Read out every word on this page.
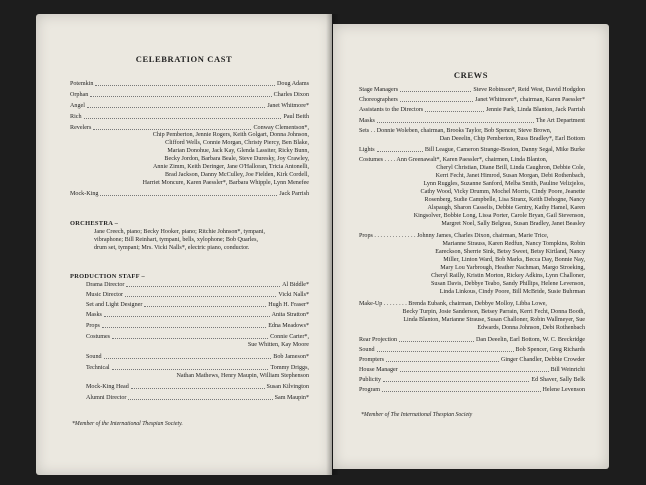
CELEBRATION CAST
Potemkin	Doug Adams
Orphan	Charles Dixon
Angel	Janet Whitmore*
Rich	Paul Beith
Revelers	Conway Clementson*,
Chip Pemberton, Jennie Rogers, Keith Golgart, Donna Johnson,
Clifford Wells, Connie Morgan, Christy Piercy, Ben Blake,
Marian Donohue, Jack Kay, Glenda Lassiter, Ricky Bunn,
Becky Jordon, Barbara Beale, Steve Duresky, Joy Crawley,
Annie Zimm, Keith Deringer, Jane O'Halloran, Tricia Antonelli,
Brad Jackson, Danny McCulley, Joe Fielden, Kirk Cordell,
Harriet Moncure, Karen Paessler*, Barbara Whipple, Lynn Menefee
Mock-King	Jack Parrish
ORCHESTRA –
Jane Creech, piano; Becky Hooker, piano; Ritchie Johnson*, tympani,
vibraphone; Bill Reinhart, tympani, bells, xylophone; Bob Quarles,
drum set, tympani; Mrs. Vicki Nalls*, electric piano, conductor.
PRODUCTION STAFF –
Drama Director	Al Biddle*
Music Director	Vicki Nalls*
Set and Light Designer	Hugh H. Fraser*
Masks	Anita Stratton*
Props	Edna Meadows*
Costumes	Connie Carter*,
Sue Whitten, Kay Moore
Sound	Bob Jameson*
Technical	Tommy Driggs,
Nathan Mathews, Henry Maupin, William Stephenson
Mock-King Head	Susan Kilvington
Alumni Director	Sam Maupin*
*Member of the International Thespian Society.
CREWS
Stage Managers	Steve Robinson*, Reid West, David Hodgdon
Choreographers	Janet Whitmore*, chairman, Karen Paessler*
Assistants to the Directors	Jennie Park, Linda Blanton, Jack Parrish
Masks	The Art Department
Sets . . Donnie Woleben, chairman, Brooks Taylor, Bob Spencer, Steve Brown,
Dan Deeelin, Chip Pemberton, Russ Bradley*, Earl Bottom
Lights	Bill League, Cameron Strange-Boston, Danny Segal, Mike Burke
Costumes . . . . Ann Greenawalt*, Karen Paessler*, chairmen, Linda Blanton,
Cheryl Christian, Diane Brill, Linda Caughron, Debbie Cole,
Kerri Fecht, Janet Himrod, Susan Morgan, Debi Rothenbach,
Lynn Ruggles, Suzanne Sanford, Melba Smith, Pauline Velizjelos,
Cathy Wood, Vicky Drumm, Mochel Morris, Cindy Poore, Jeanette
Rosenberg, Sudie Campbelle, Lisa Stranz, Keith Dehogne, Nancy
Alspaugh, Sharon Casselis, Debbie Gentry, Kathy Hamel, Karen
Kingsolver, Bobbie Long, Lissa Porter, Carole Bryan, Gail Stevenson,
Margret Noel, Sally Belgrau, Susan Bradley, Janet Beasley
Props . . . . . . . . . . . . . . Johnny James, Charles Dixon, chairman, Marie Trice,
Marianne Strauss, Karen Redfun, Nancy Tompkins, Robin
Eareckson, Sherrie Sink, Betsy Sweet, Betsy Kirtland, Nancy
Miller, Linton Ward, Bob Marks, Becca Day, Bonnie Nay,
Mary Lou Yarbrough, Heather Nachman, Margo Stroeking,
Cheryl Railly, Kristin Morton, Rickey Adkins, Lynn Challoner,
Susan Davis, Debbye Teabo, Sandy Phillips, Helene Levenson,
Linda Linkous, Cindy Poore, Bill McBride, Susie Buhrman
Make-Up . . . . . . . . Brenda Eubank, chairman, Debbye Molloy, Libba Lowe,
Becky Turpin, Josie Sanderson, Betsey Parrain, Kerri Fecht, Donna Booth,
Linda Blanton, Marianne Strause, Susan Challoner, Robin Wallmeyer, Sue
Edwards, Donna Johnson, Debi Rothenbach
Rear Projection	Dan Deeelin, Earl Bottom, W. C. Breckridge
Sound	Bob Spencer, Greg Richards
Prompters	Ginger Chandler, Debbie Crowder
House Manager	Bill Weinrichi
Publicity	Ed Shaver, Sally Belk
Program	Helene Levenson
*Member of The International Thespian Society
